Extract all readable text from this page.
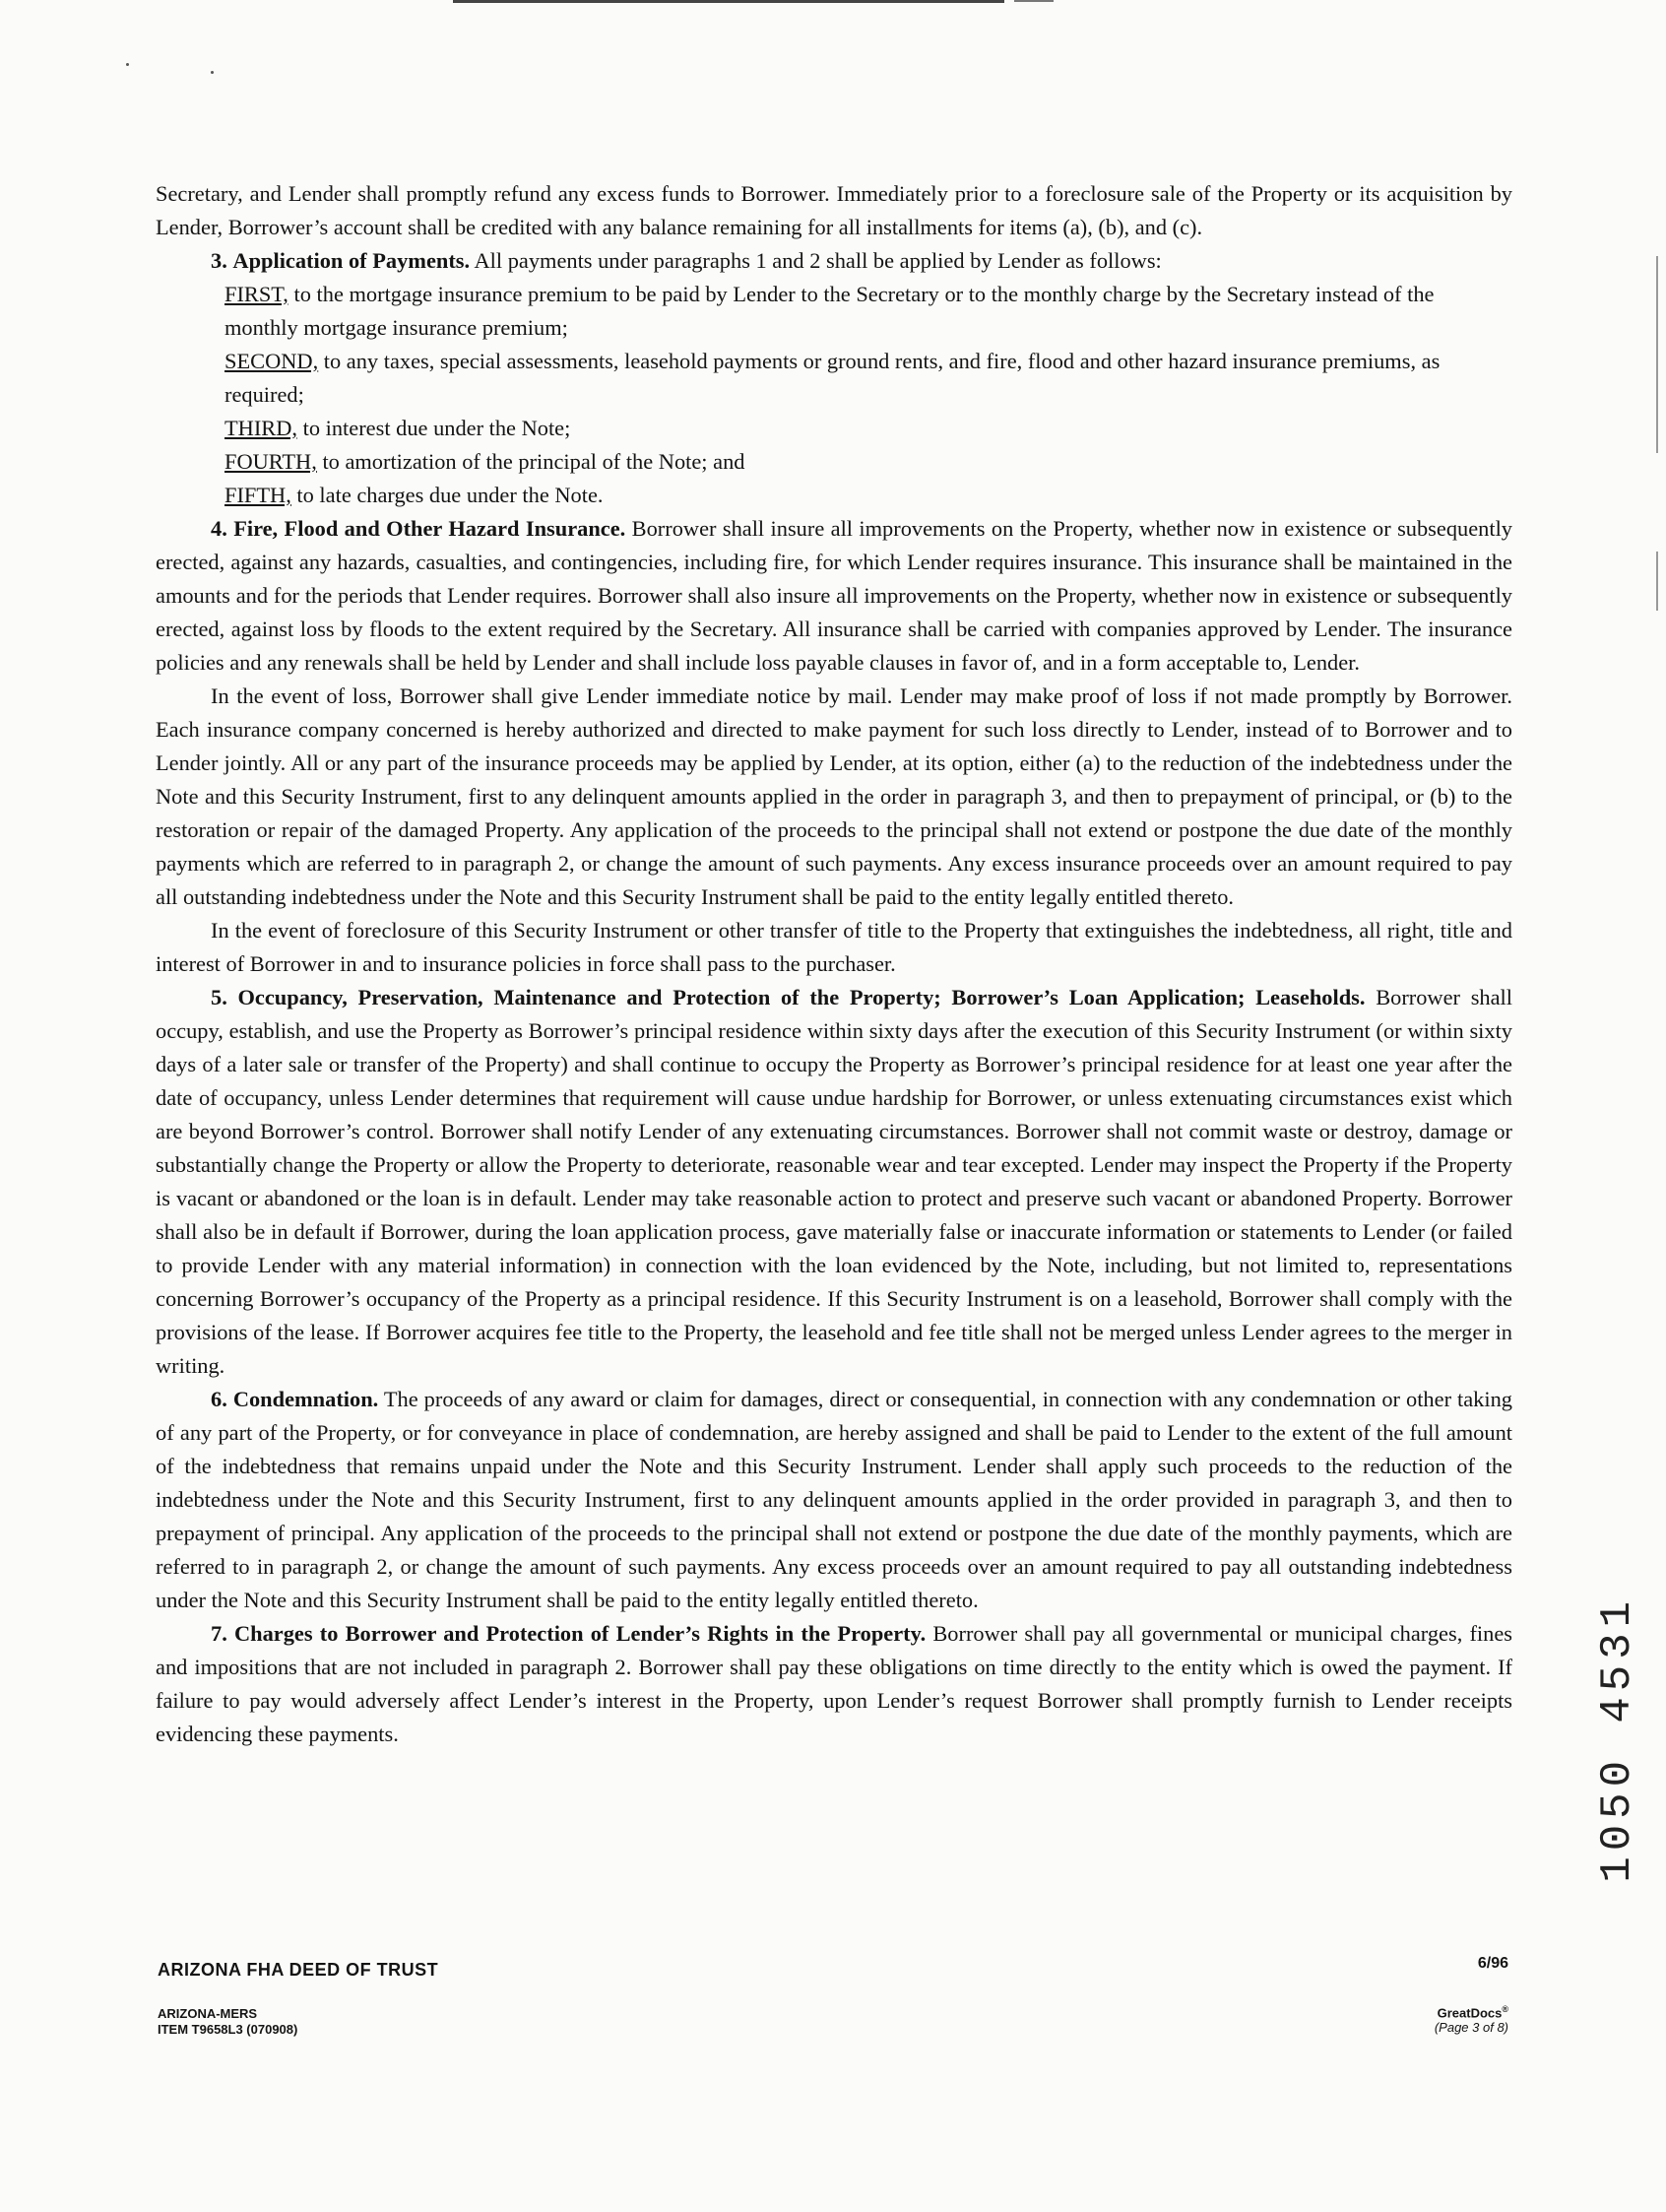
Secretary, and Lender shall promptly refund any excess funds to Borrower. Immediately prior to a foreclosure sale of the Property or its acquisition by Lender, Borrower’s account shall be credited with any balance remaining for all installments for items (a), (b), and (c).

3. Application of Payments. All payments under paragraphs 1 and 2 shall be applied by Lender as follows:

FIRST, to the mortgage insurance premium to be paid by Lender to the Secretary or to the monthly charge by the Secretary instead of the monthly mortgage insurance premium;

SECOND, to any taxes, special assessments, leasehold payments or ground rents, and fire, flood and other hazard insurance premiums, as required;

THIRD, to interest due under the Note;

FOURTH, to amortization of the principal of the Note; and

FIFTH, to late charges due under the Note.

4. Fire, Flood and Other Hazard Insurance. Borrower shall insure all improvements on the Property, whether now in existence or subsequently erected, against any hazards, casualties, and contingencies, including fire, for which Lender requires insurance. This insurance shall be maintained in the amounts and for the periods that Lender requires. Borrower shall also insure all improvements on the Property, whether now in existence or subsequently erected, against loss by floods to the extent required by the Secretary. All insurance shall be carried with companies approved by Lender. The insurance policies and any renewals shall be held by Lender and shall include loss payable clauses in favor of, and in a form acceptable to, Lender.

In the event of loss, Borrower shall give Lender immediate notice by mail. Lender may make proof of loss if not made promptly by Borrower. Each insurance company concerned is hereby authorized and directed to make payment for such loss directly to Lender, instead of to Borrower and to Lender jointly. All or any part of the insurance proceeds may be applied by Lender, at its option, either (a) to the reduction of the indebtedness under the Note and this Security Instrument, first to any delinquent amounts applied in the order in paragraph 3, and then to prepayment of principal, or (b) to the restoration or repair of the damaged Property. Any application of the proceeds to the principal shall not extend or postpone the due date of the monthly payments which are referred to in paragraph 2, or change the amount of such payments. Any excess insurance proceeds over an amount required to pay all outstanding indebtedness under the Note and this Security Instrument shall be paid to the entity legally entitled thereto.

In the event of foreclosure of this Security Instrument or other transfer of title to the Property that extinguishes the indebtedness, all right, title and interest of Borrower in and to insurance policies in force shall pass to the purchaser.

5. Occupancy, Preservation, Maintenance and Protection of the Property; Borrower’s Loan Application; Leaseholds. Borrower shall occupy, establish, and use the Property as Borrower’s principal residence within sixty days after the execution of this Security Instrument (or within sixty days of a later sale or transfer of the Property) and shall continue to occupy the Property as Borrower’s principal residence for at least one year after the date of occupancy, unless Lender determines that requirement will cause undue hardship for Borrower, or unless extenuating circumstances exist which are beyond Borrower’s control. Borrower shall notify Lender of any extenuating circumstances. Borrower shall not commit waste or destroy, damage or substantially change the Property or allow the Property to deteriorate, reasonable wear and tear excepted. Lender may inspect the Property if the Property is vacant or abandoned or the loan is in default. Lender may take reasonable action to protect and preserve such vacant or abandoned Property. Borrower shall also be in default if Borrower, during the loan application process, gave materially false or inaccurate information or statements to Lender (or failed to provide Lender with any material information) in connection with the loan evidenced by the Note, including, but not limited to, representations concerning Borrower’s occupancy of the Property as a principal residence. If this Security Instrument is on a leasehold, Borrower shall comply with the provisions of the lease. If Borrower acquires fee title to the Property, the leasehold and fee title shall not be merged unless Lender agrees to the merger in writing.

6. Condemnation. The proceeds of any award or claim for damages, direct or consequential, in connection with any condemnation or other taking of any part of the Property, or for conveyance in place of condemnation, are hereby assigned and shall be paid to Lender to the extent of the full amount of the indebtedness that remains unpaid under the Note and this Security Instrument. Lender shall apply such proceeds to the reduction of the indebtedness under the Note and this Security Instrument, first to any delinquent amounts applied in the order provided in paragraph 3, and then to prepayment of principal. Any application of the proceeds to the principal shall not extend or postpone the due date of the monthly payments, which are referred to in paragraph 2, or change the amount of such payments. Any excess proceeds over an amount required to pay all outstanding indebtedness under the Note and this Security Instrument shall be paid to the entity legally entitled thereto.

7. Charges to Borrower and Protection of Lender’s Rights in the Property. Borrower shall pay all governmental or municipal charges, fines and impositions that are not included in paragraph 2. Borrower shall pay these obligations on time directly to the entity which is owed the payment. If failure to pay would adversely affect Lender’s interest in the Property, upon Lender’s request Borrower shall promptly furnish to Lender receipts evidencing these payments.

ARIZONA FHA DEED OF TRUST
ARIZONA-MERS
ITEM T9658L3 (070908)
6/96
GreatDocs®
(Page 3 of 8)
1050 4531
